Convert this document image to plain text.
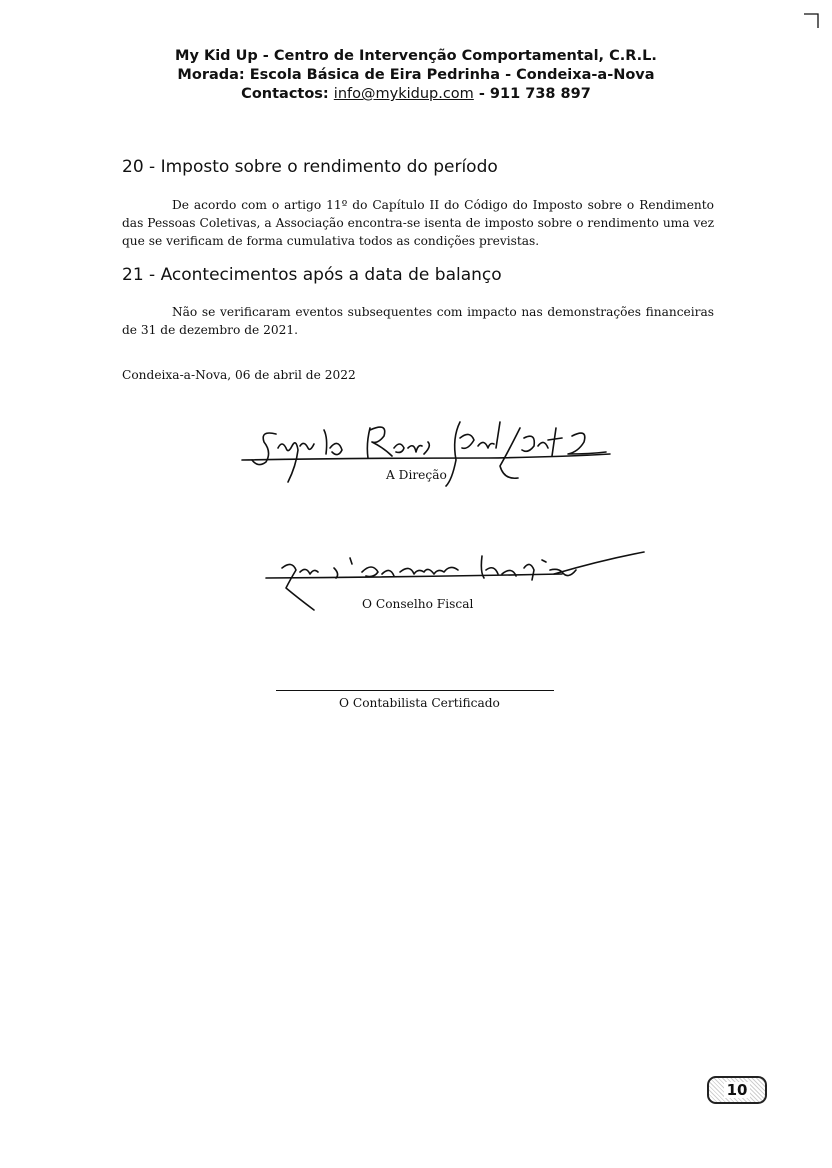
My Kid Up - Centro de Intervenção Comportamental, C.R.L.
Morada: Escola Básica de Eira Pedrinha - Condeixa-a-Nova
Contactos: info@mykidup.com - 911 738 897
20 - Imposto sobre o rendimento do período

De acordo com o artigo 11º do Capítulo II do Código do Imposto sobre o Rendimento das Pessoas Coletivas, a Associação encontra-se isenta de imposto sobre o rendimento uma vez que se verificam de forma cumulativa todos as condições previstas.

21 - Acontecimentos após a data de balanço

Não se verificaram eventos subsequentes com impacto nas demonstrações financeiras de 31 de dezembro de 2021.

Condeixa-a-Nova, 06 de abril de 2022
A Direção
O Conselho Fiscal
O Contabilista Certificado
10
